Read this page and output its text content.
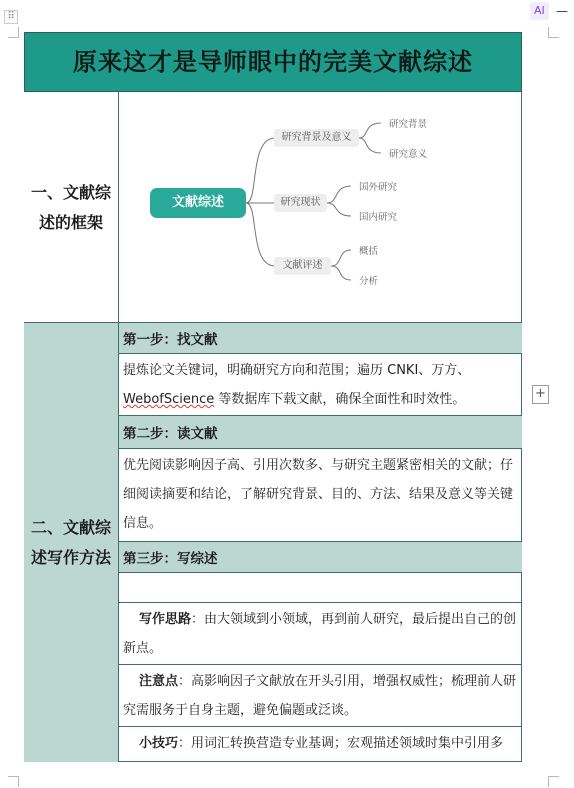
⠿	AI —
+
原来这才是导师眼中的完美文献综述
一、文献综述的框架
二、文献综述写作方法
文献综述
研究背景及意义
研究现状
文献评述
研究背景
研究意义
国外研究
国内研究
概括
分析
第一步：找文献
提炼论文关键词，明确研究方向和范围；遍历 CNKI、万方、
WebofScience 等数据库下载文献，确保全面性和时效性。
第二步：读文献
优先阅读影响因子高、引用次数多、与研究主题紧密相关的文献；仔细阅读摘要和结论，了解研究背景、目的、方法、结果及意义等关键信息。
第三步：写综述
写作思路：由大领域到小领域，再到前人研究，最后提出自己的创新点。
注意点：高影响因子文献放在开头引用，增强权威性；梳理前人研究需服务于自身主题，避免偏题或泛谈。
小技巧：用词汇转换营造专业基调；宏观描述领域时集中引用多
